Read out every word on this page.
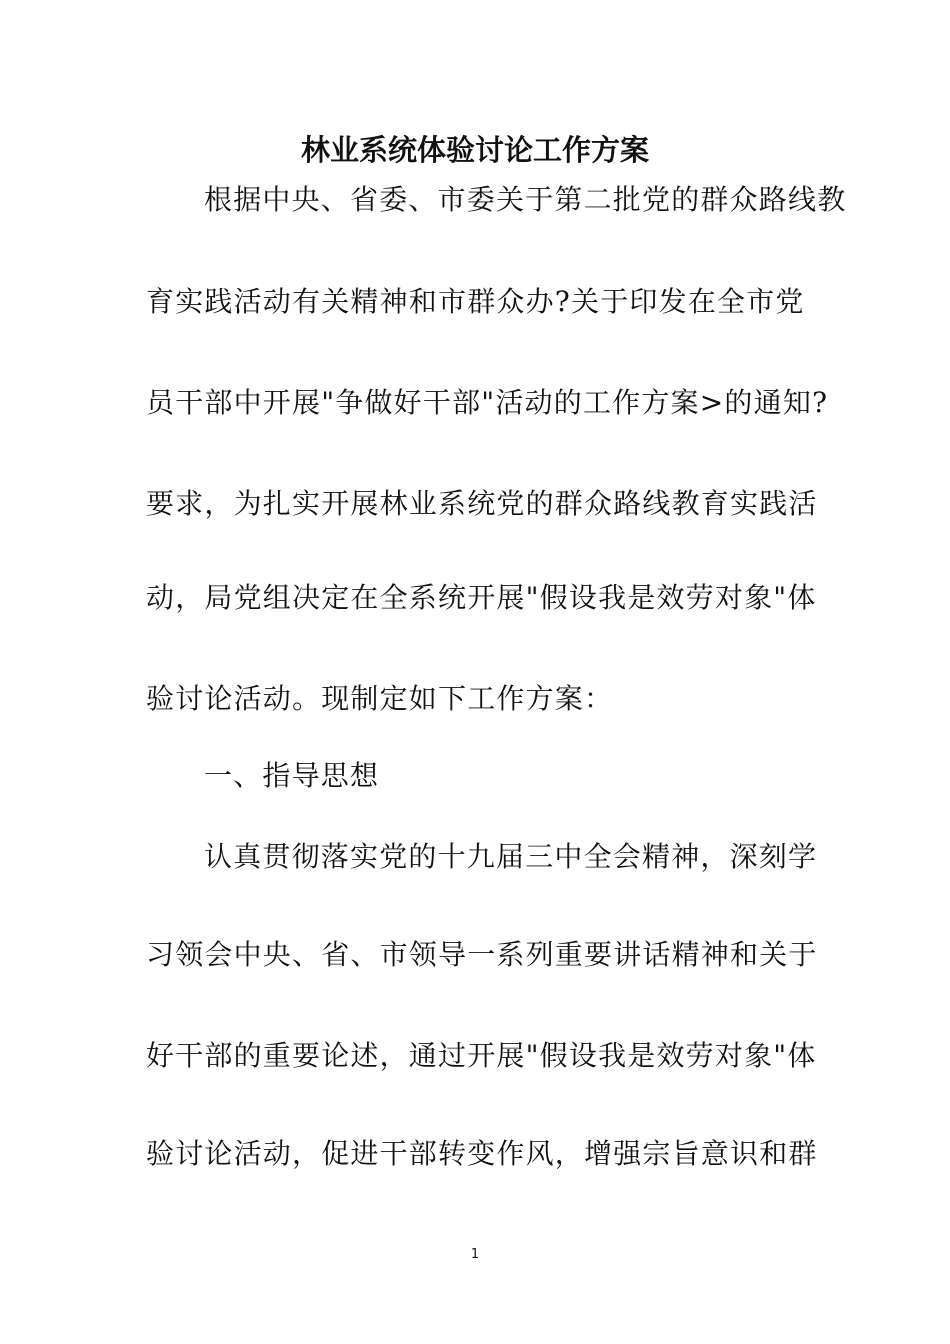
林业系统体验讨论工作方案

根据中央、省委、市委关于第二批党的群众路线教

育实践活动有关精神和市群众办?关于印发在全市党

员干部中开展"争做好干部"活动的工作方案>的通知?

要求，为扎实开展林业系统党的群众路线教育实践活

动，局党组决定在全系统开展"假设我是效劳对象"体

验讨论活动。现制定如下工作方案：

一、指导思想

认真贯彻落实党的十九届三中全会精神，深刻学

习领会中央、省、市领导一系列重要讲话精神和关于

好干部的重要论述，通过开展"假设我是效劳对象"体

验讨论活动，促进干部转变作风，增强宗旨意识和群

1
